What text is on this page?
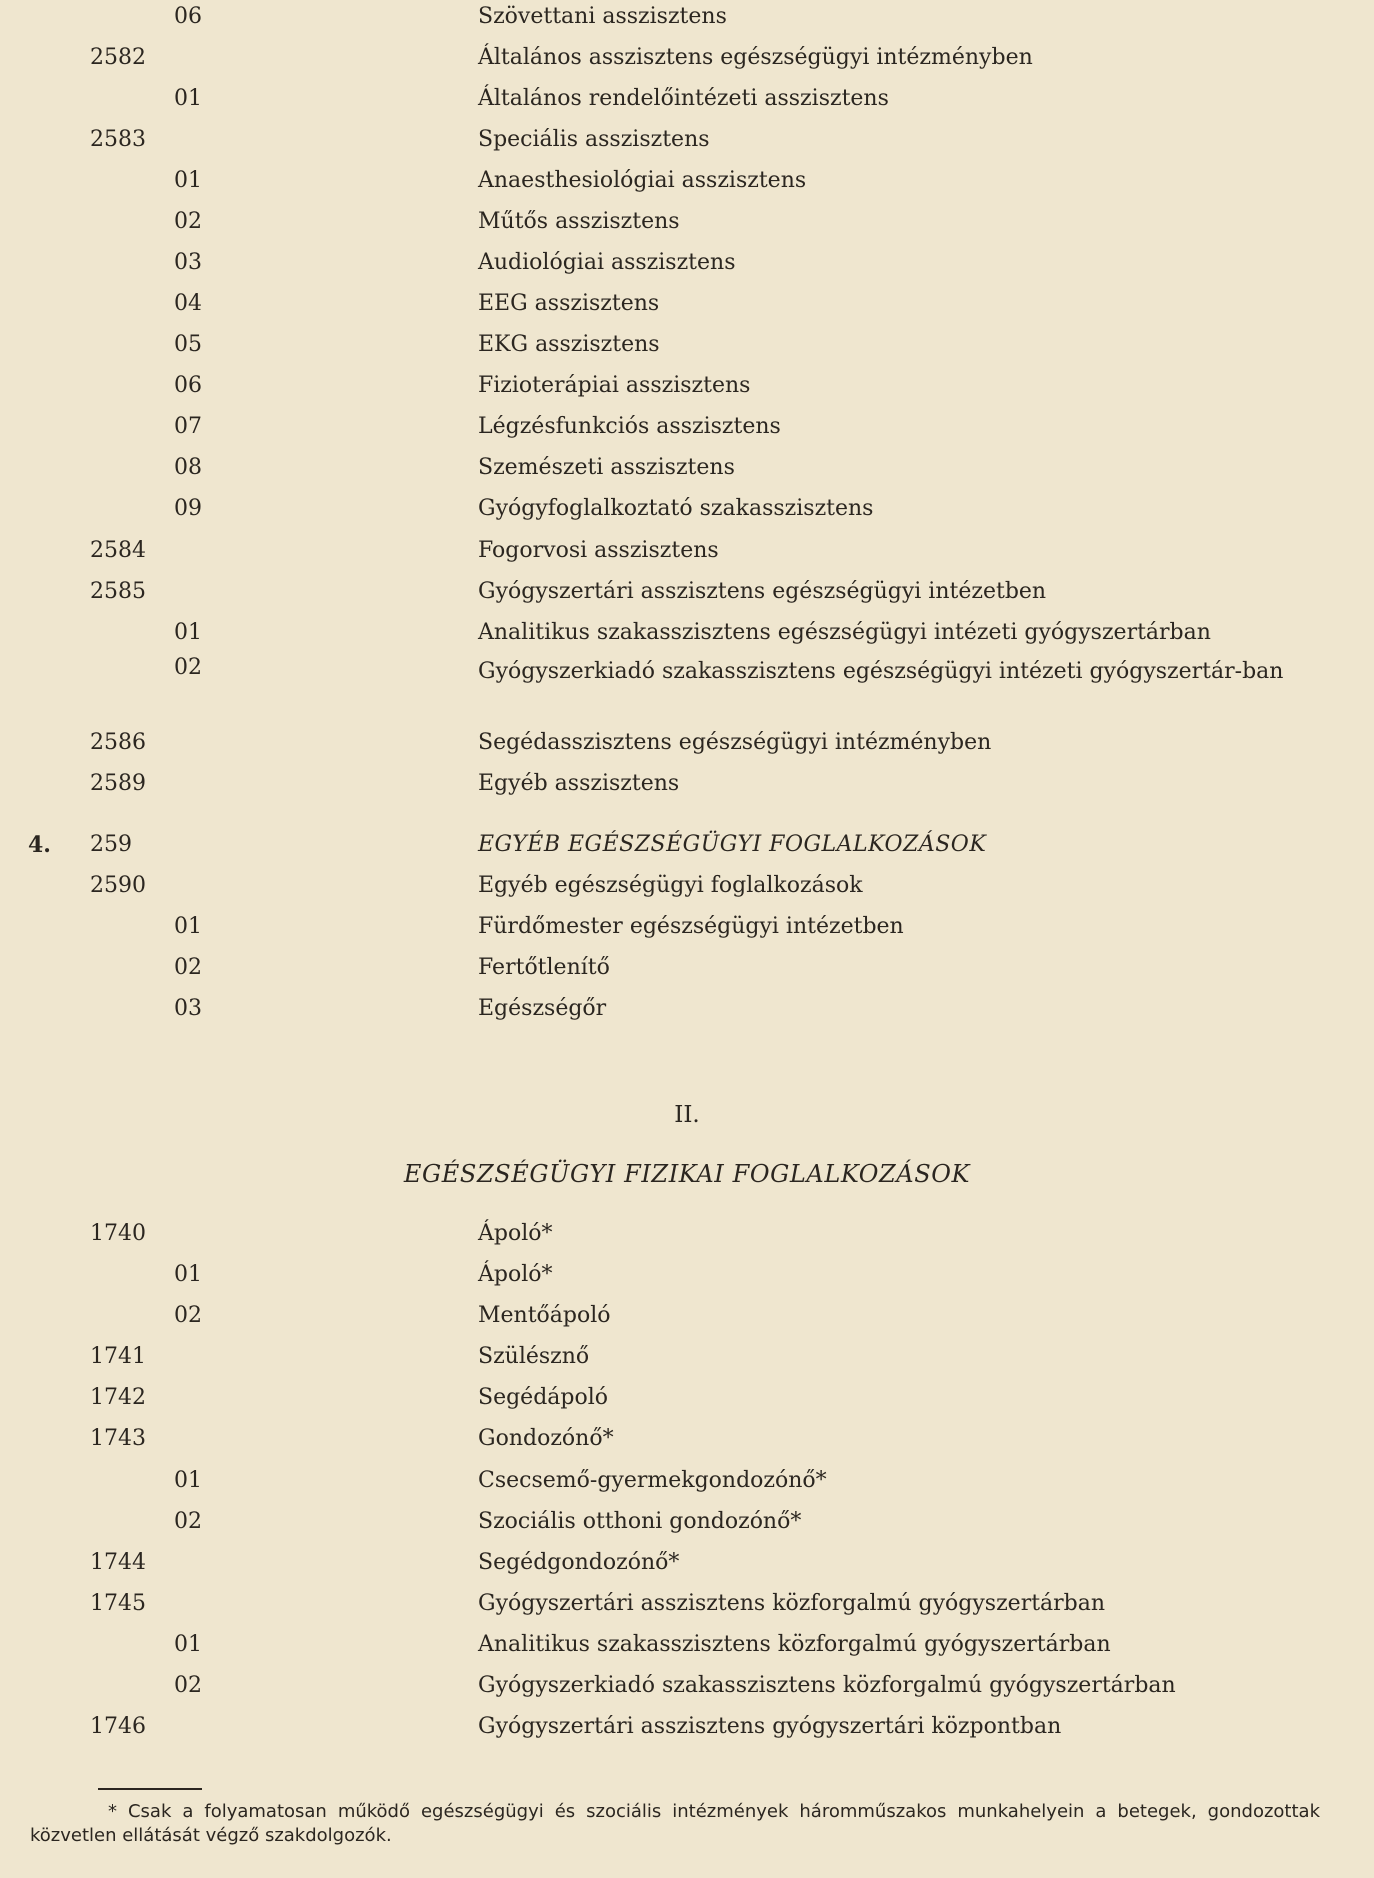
06	Szövettani asszisztens
2582	Általános asszisztens egészségügyi intézményben
01	Általános rendelőintézeti asszisztens
2583	Speciális asszisztens
01	Anaesthesiológiai asszisztens
02	Műtős asszisztens
03	Audiológiai asszisztens
04	EEG asszisztens
05	EKG asszisztens
06	Fizioterápiai asszisztens
07	Légzésfunkciós asszisztens
08	Szemészeti asszisztens
09	Gyógyfoglalkoztató szakasszisztens
2584	Fogorvosi asszisztens
2585	Gyógyszertári asszisztens egészségügyi intézetben
01	Analitikus szakasszisztens egészségügyi intézeti gyógyszertárban
02	Gyógyszerkiadó szakasszisztens egészségügyi intézeti gyógyszertár-ban
2586	Segédasszisztens egészségügyi intézményben
2589	Egyéb asszisztens
4. 259	EGYÉB EGÉSZSÉGÜGYI FOGLALKOZÁSOK
2590	Egyéb egészségügyi foglalkozások
01	Fürdőmester egészségügyi intézetben
02	Fertőtlenítő
03	Egészségőr
II.
EGÉSZSÉGÜGYI FIZIKAI FOGLALKOZÁSOK
1740	Ápoló*
01	Ápoló*
02	Mentőápoló
1741	Szülésznő
1742	Segédápoló
1743	Gondozónő*
01	Csecsemő-gyermekgondozónő*
02	Szociális otthoni gondozónő*
1744	Segédgondozónő*
1745	Gyógyszertári asszisztens közforgalmú gyógyszertárban
01	Analitikus szakasszisztens közforgalmú gyógyszertárban
02	Gyógyszerkiadó szakasszisztens közforgalmú gyógyszertárban
1746	Gyógyszertári asszisztens gyógyszertári központban
* Csak a folyamatosan működő egészségügyi és szociális intézmények háromműszakos munkahelyein a betegek, gondozottak közvetlen ellátását végző szakdolgozók.
